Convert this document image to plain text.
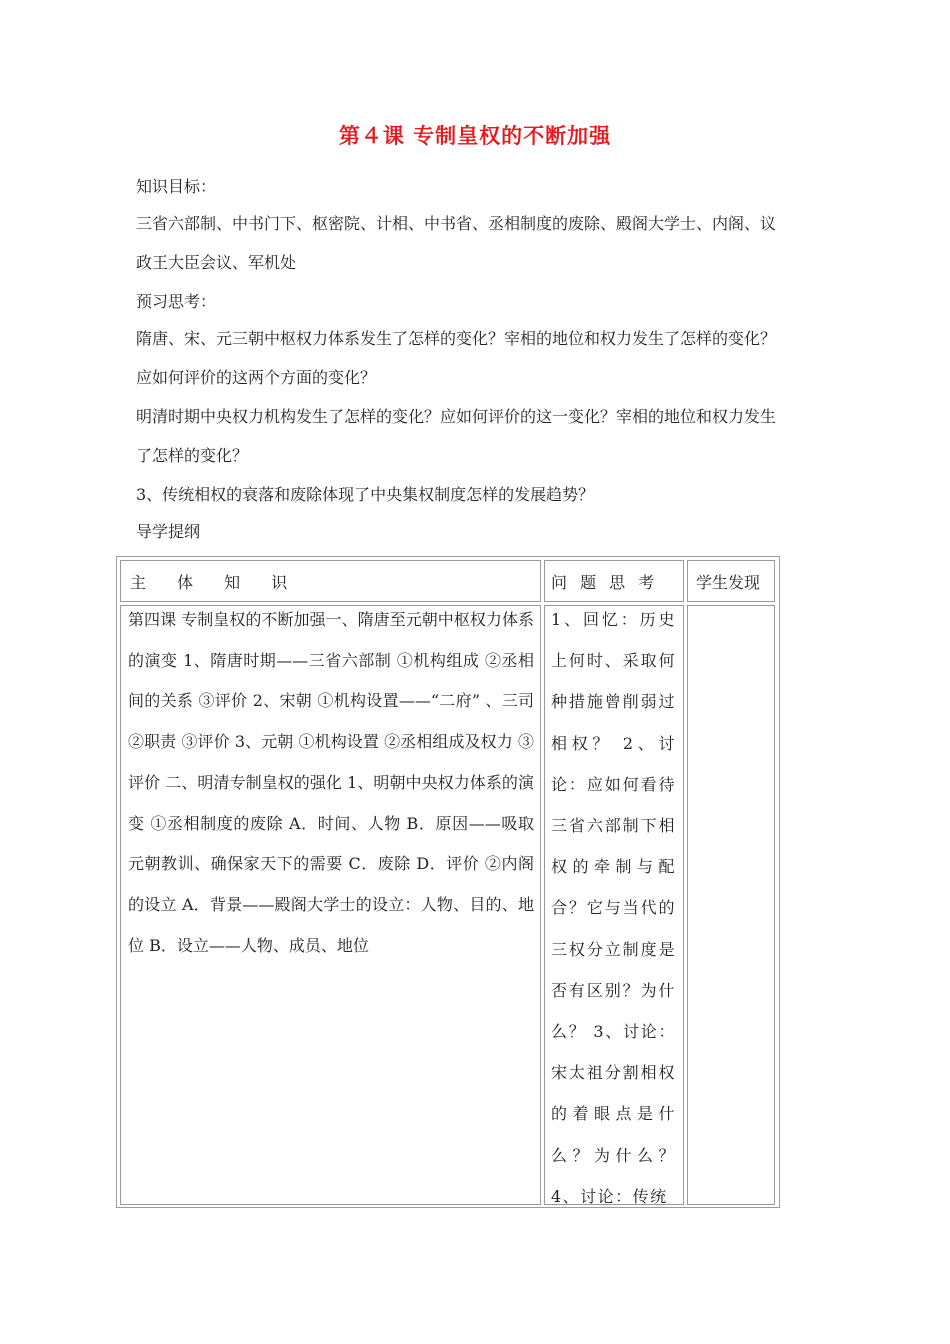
第４课 专制皇权的不断加强
知识目标：
三省六部制、中书门下、枢密院、计相、中书省、丞相制度的废除、殿阁大学士、内阁、议
政王大臣会议、军机处
预习思考：
隋唐、宋、元三朝中枢权力体系发生了怎样的变化？宰相的地位和权力发生了怎样的变化？
应如何评价的这两个方面的变化？
明清时期中央权力机构发生了怎样的变化？应如何评价的这一变化？宰相的地位和权力发生
了怎样的变化？
3、传统相权的衰落和废除体现了中央集权制度怎样的发展趋势？
导学提纲
主 体 知 识	问 题 思 考 学生发现
第四课 专制皇权的不断加强一、隋唐至元朝中枢权力体系的演变 1、隋唐时期——三省六部制 ①机构组成 ②丞相间的关系 ③评价 2、宋朝 ①机构设置——“二府” 、三司 ②职责 ③评价 3、元朝 ①机构设置 ②丞相组成及权力 ③评价 二、明清专制皇权的强化 1、明朝中央权力体系的演变 ①丞相制度的废除 A．时间、人物 B．原因——吸取元朝教训、确保家天下的需要 C．废除 D．评价 ②内阁的设立 A．背景——殿阁大学士的设立：人物、目的、地位 B．设立——人物、成员、地位
1、回忆：历史上何时、采取何种措施曾削弱过相权？ 2、讨论：应如何看待三省六部制下相权的牵制与配合？它与当代的三权分立制度是否有区别？为什么？ 3、讨论：宋太祖分割相权的着眼点是什么？为什么？ 4、讨论：传统
